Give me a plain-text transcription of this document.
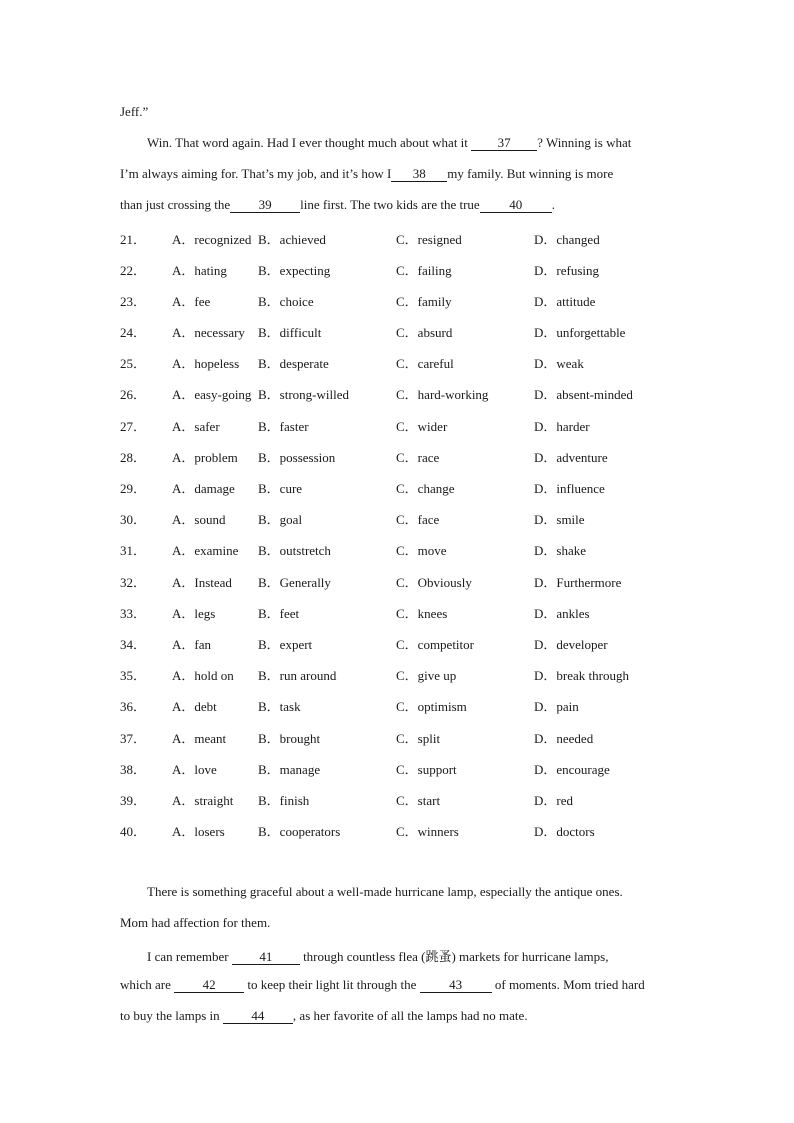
Jeff.”
Win. That word again. Had I ever thought much about what it 37 ? Winning is what
I’m always aiming for. That’s my job, and it’s how I 38 my family. But winning is more
than just crossing the 39 line first. The two kids are the true 40 .
21． A．recognized B．achieved	C．resigned	D．changed
22． A．hating B．expecting	C．failing	D．refusing
23． A．fee	B．choice	C．family	D．attitude
24． A．necessary B．difficult	C．absurd	D．unforgettable
25． A．hopeless B．desperate	C．careful	D．weak
26． A．easy-going B．strong-willed	C．hard-working	D．absent-minded
27． A．safer	B．faster	C．wider	D．harder
28． A．problem B．possession	C．race	D．adventure
29． A．damage B．cure	C．change	D．influence
30． A．sound	B．goal	C．face	D．smile
31． A．examine B．outstretch	C．move	D．shake
32． A．Instead B．Generally	C．Obviously	D．Furthermore
33． A．legs	B．feet	C．knees	D．ankles
34． A．fan	B．expert	C．competitor	D．developer
35． A．hold on B．run around	C．give up	D．break through
36． A．debt	B．task	C．optimism	D．pain
37． A．meant B．brought	C．split	D．needed
38． A．love	B．manage	C．support	D．encourage
39． A．straight B．finish	C．start	D．red
40． A．losers	B．cooperators	C．winners	D．doctors
There is something graceful about a well-made hurricane lamp, especially the antique ones.
Mom had affection for them.
I can remember 41 through countless flea (跳蚤) markets for hurricane lamps,
which are 42 to keep their light lit through the 43 of moments. Mom tried hard
to buy the lamps in 44 , as her favorite of all the lamps had no mate.
